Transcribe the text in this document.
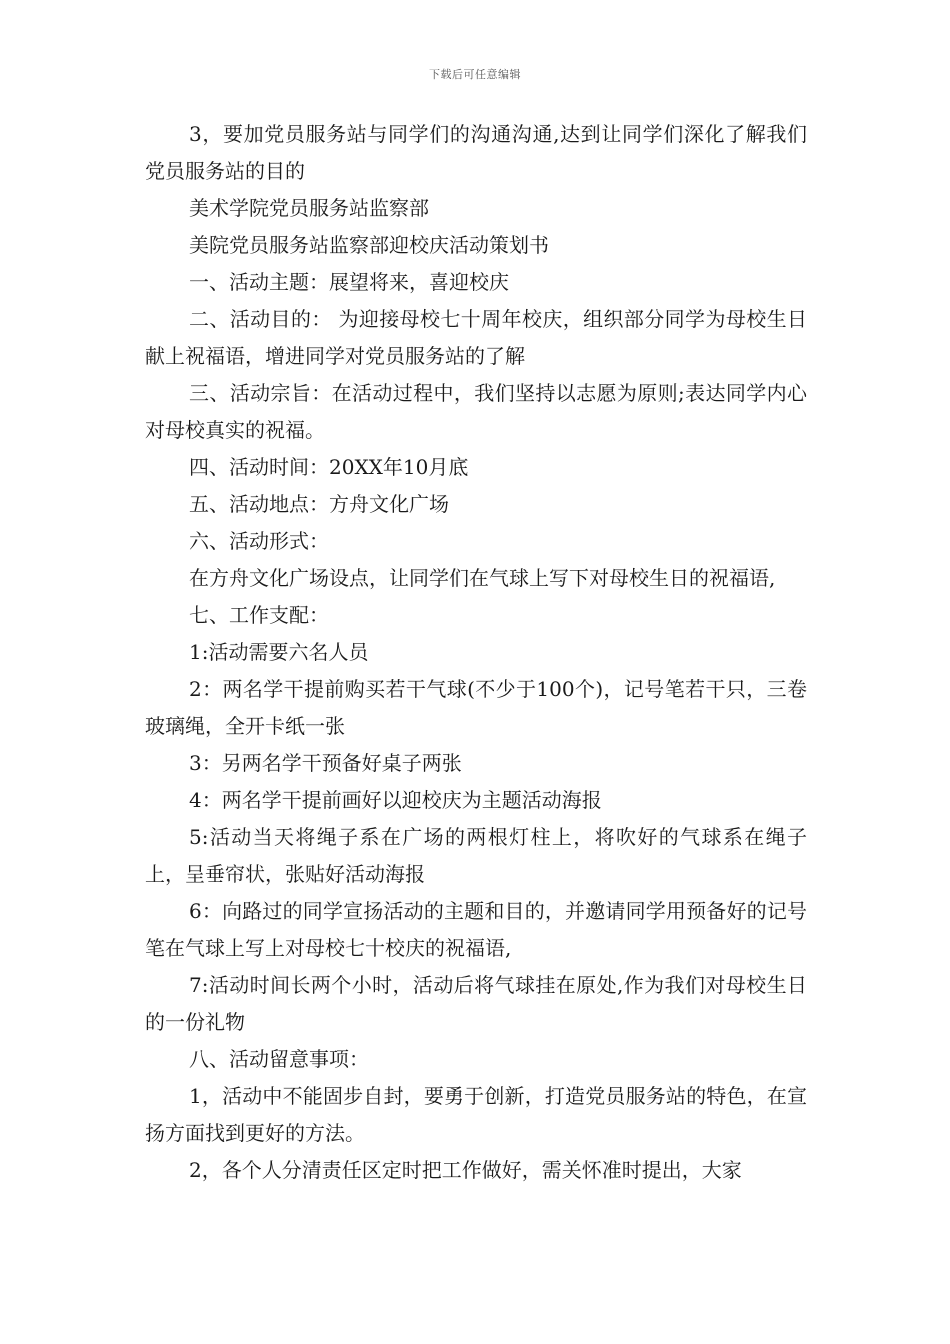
下载后可任意编辑

3，要加党员服务站与同学们的沟通沟通,达到让同学们深化了解我们党员服务站的目的

美术学院党员服务站监察部

美院党员服务站监察部迎校庆活动策划书

一、活动主题：展望将来，喜迎校庆

二、活动目的： 为迎接母校七十周年校庆，组织部分同学为母校生日献上祝福语，增进同学对党员服务站的了解

三、活动宗旨：在活动过程中，我们坚持以志愿为原则;表达同学内心对母校真实的祝福。

四、活动时间：20XX年10月底

五、活动地点：方舟文化广场

六、活动形式：

在方舟文化广场设点，让同学们在气球上写下对母校生日的祝福语,

七、工作支配：

1:活动需要六名人员

2：两名学干提前购买若干气球(不少于100个)，记号笔若干只，三卷玻璃绳，全开卡纸一张

3：另两名学干预备好桌子两张

4：两名学干提前画好以迎校庆为主题活动海报

5:活动当天将绳子系在广场的两根灯柱上，将吹好的气球系在绳子上，呈垂帘状，张贴好活动海报

6：向路过的同学宣扬活动的主题和目的，并邀请同学用预备好的记号笔在气球上写上对母校七十校庆的祝福语,

7:活动时间长两个小时，活动后将气球挂在原处,作为我们对母校生日的一份礼物

八、活动留意事项：

1，活动中不能固步自封，要勇于创新，打造党员服务站的特色，在宣扬方面找到更好的方法。

2，各个人分清责任区定时把工作做好，需关怀准时提出，大家
